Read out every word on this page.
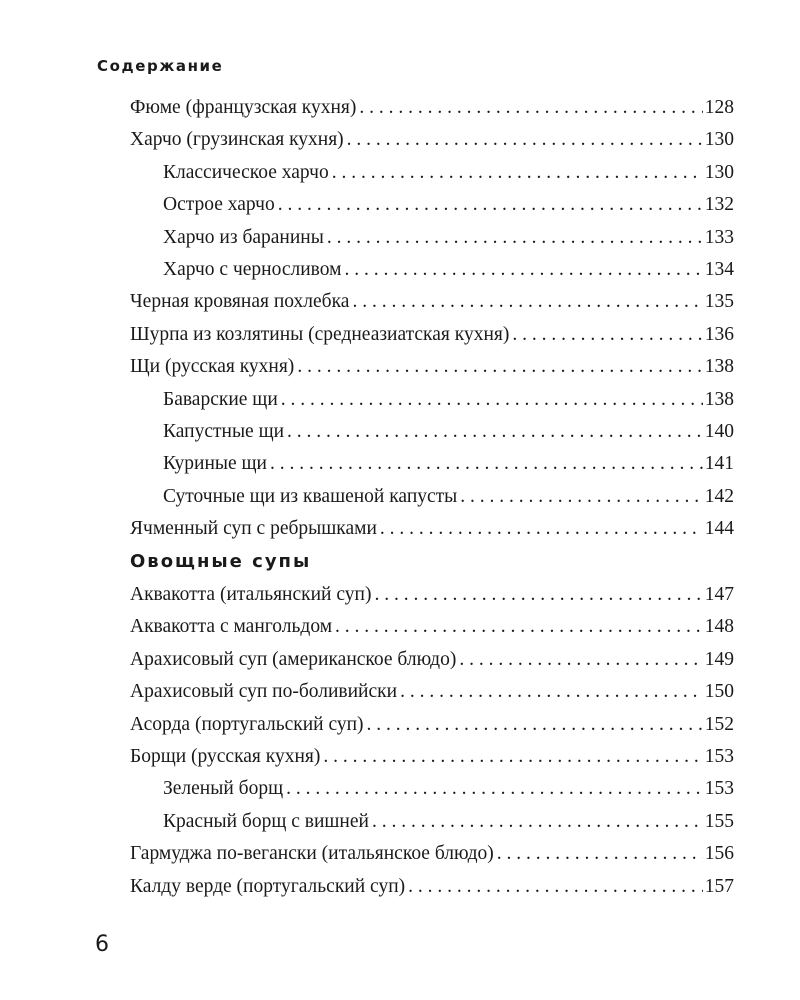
Содержание
Фюме (французская кухня) . . .	128
Харчо (грузинская кухня) . . .	130
Классическое харчо . . .	130
Острое харчо . . .	132
Харчо из баранины . . .	133
Харчо с черносливом . . .	134
Черная кровяная похлебка . . .	135
Шурпа из козлятины (среднеазиатская кухня) . . .	136
Щи (русская кухня) . . .	138
Баварские щи . . .	138
Капустные щи . . .	140
Куриные щи . . .	141
Суточные щи из квашеной капусты . . .	142
Ячменный суп с ребрышками . . .	144
Овощные супы
Аквакотта (итальянский суп) . . .	147
Аквакотта с мангольдом . . .	148
Арахисовый суп (американское блюдо) . . .	149
Арахисовый суп по-боливийски . . .	150
Асорда (португальский суп) . . .	152
Борщи (русская кухня) . . .	153
Зеленый борщ . . .	153
Красный борщ с вишней . . .	155
Гармуджа по-вегански (итальянское блюдо) . . .	156
Калду верде (португальский суп) . . .	157
6
